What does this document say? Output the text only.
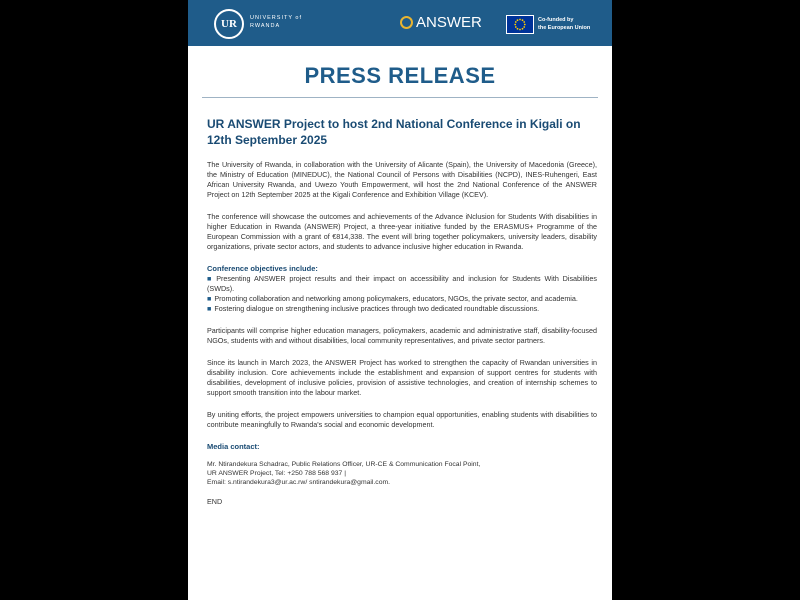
UR	UNIVERSITY of
RWANDA	ANSWER	Co-funded by
the European Union
PRESS RELEASE
UR ANSWER Project to host 2nd National Conference in Kigali on 12th September 2025

The University of Rwanda, in collaboration with the University of Alicante (Spain), the University of Macedonia (Greece), the Ministry of Education (MINEDUC), the National Council of Persons with Disabilities (NCPD), INES-Ruhengeri, East African University Rwanda, and Uwezo Youth Empowerment, will host the 2nd National Conference of the ANSWER Project on 12th September 2025 at the Kigali Conference and Exhibition Village (KCEV).

The conference will showcase the outcomes and achievements of the Advance iNclusion for Students With disabilities in higher Education in Rwanda (ANSWER) Project, a three-year initiative funded by the ERASMUS+ Programme of the European Commission with a grant of €814,338. The event will bring together policymakers, university leaders, disability organizations, private sector actors, and students to advance inclusive higher education in Rwanda.

Conference objectives include:

■ Presenting ANSWER project results and their impact on accessibility and inclusion for Students With Disabilities (SWDs).

■ Promoting collaboration and networking among policymakers, educators, NGOs, the private sector, and academia.

■ Fostering dialogue on strengthening inclusive practices through two dedicated roundtable discussions.

Participants will comprise higher education managers, policymakers, academic and administrative staff, disability-focused NGOs, students with and without disabilities, local community representatives, and private sector partners.

Since its launch in March 2023, the ANSWER Project has worked to strengthen the capacity of Rwandan universities in disability inclusion. Core achievements include the establishment and expansion of support centres for students with disabilities, development of inclusive policies, provision of assistive technologies, and creation of internship schemes to support smooth transition into the labour market.

By uniting efforts, the project empowers universities to champion equal opportunities, enabling students with disabilities to contribute meaningfully to Rwanda's social and economic development.

Media contact:

Mr. Ntirandekura Schadrac, Public Relations Officer, UR-CE & Communication Focal Point,

UR ANSWER Project, Tel: +250 788 568 937 |

Email: s.ntirandekura3@ur.ac.rw/ sntirandekura@gmail.com.

END
